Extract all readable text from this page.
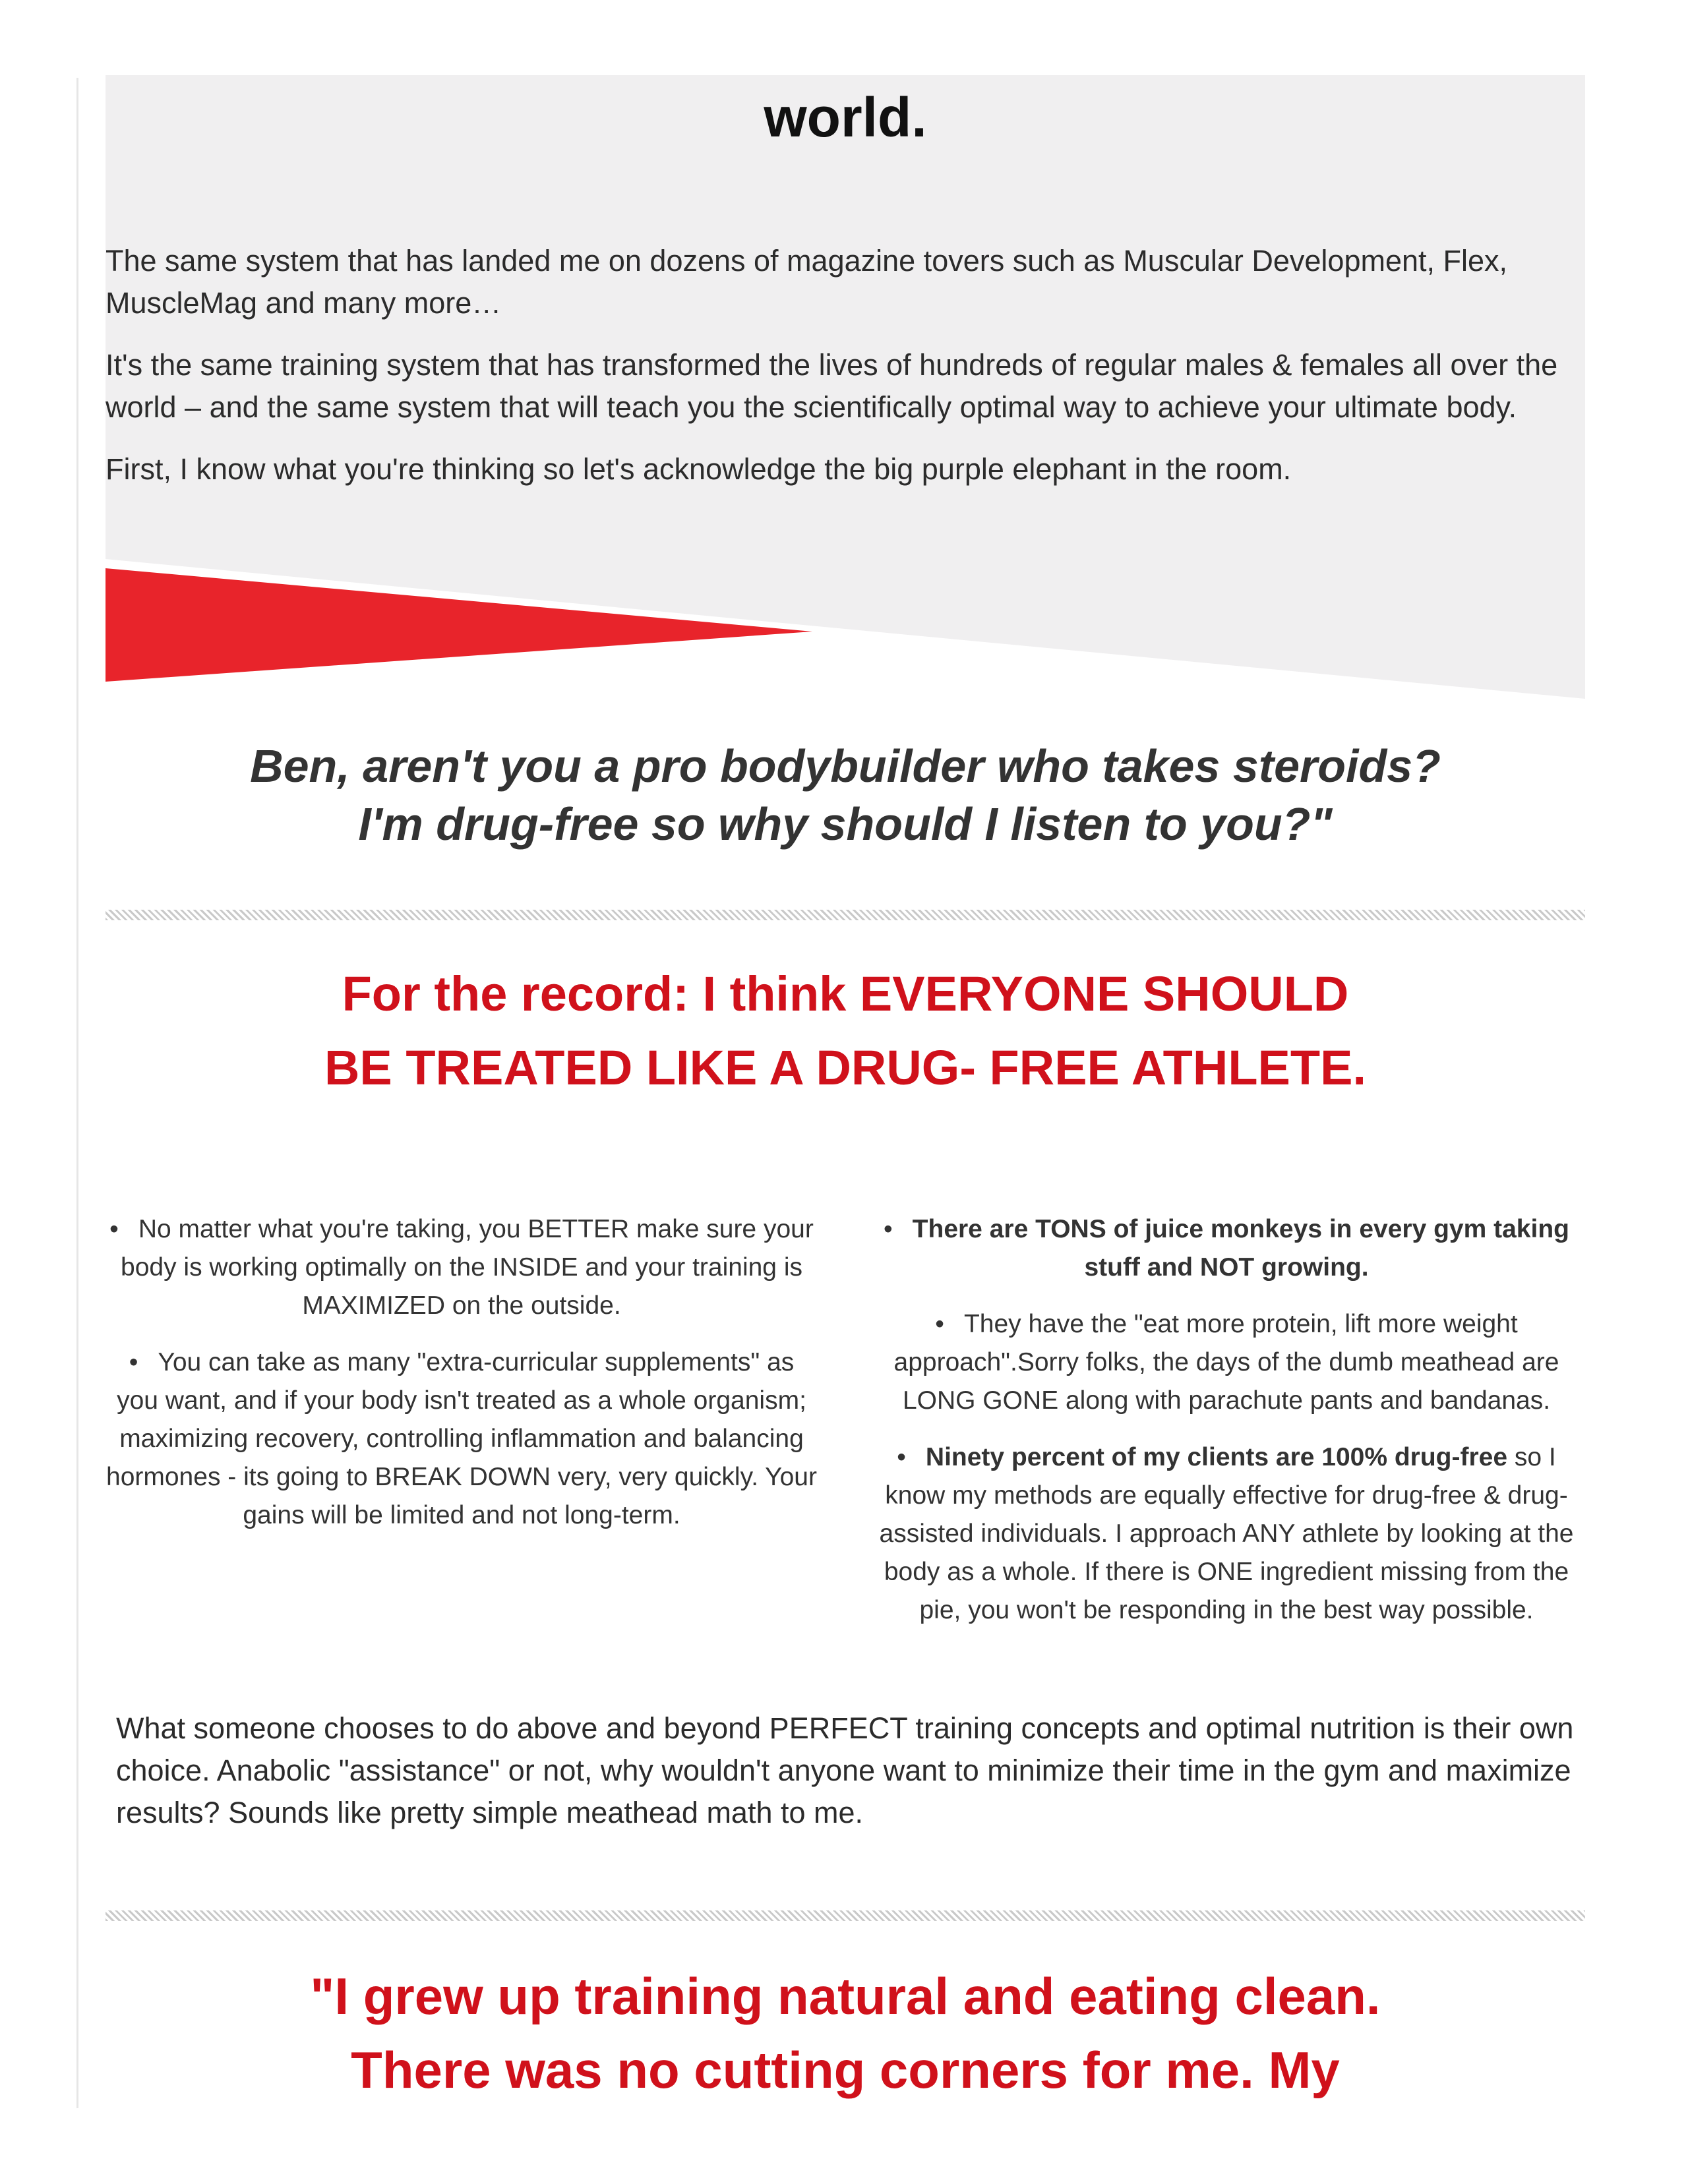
world.

The same system that has landed me on dozens of magazine tovers such as Muscular Development, Flex, MuscleMag and many more…

It's the same training system that has transformed the lives of hundreds of regular males & females all over the world – and the same system that will teach you the scientifically optimal way to achieve your ultimate body.

First, I know what you're thinking so let's acknowledge the big purple elephant in the room.

Ben, aren't you a pro bodybuilder who takes steroids?
I'm drug-free so why should I listen to you?"
For the record: I think EVERYONE SHOULD
BE TREATED LIKE A DRUG- FREE ATHLETE.

• No matter what you're taking, you BETTER make sure your body is working optimally on the INSIDE and your training is MAXIMIZED on the outside.

• You can take as many "extra-curricular supplements" as you want, and if your body isn't treated as a whole organism; maximizing recovery, controlling inflammation and balancing hormones - its going to BREAK DOWN very, very quickly. Your gains will be limited and not long-term.

• There are TONS of juice monkeys in every gym taking stuff and NOT growing.

• They have the "eat more protein, lift more weight approach".Sorry folks, the days of the dumb meathead are LONG GONE along with parachute pants and bandanas.

• Ninety percent of my clients are 100% drug-free so I know my methods are equally effective for drug-free & drug-assisted individuals. I approach ANY athlete by looking at the body as a whole. If there is ONE ingredient missing from the pie, you won't be responding in the best way possible.

What someone chooses to do above and beyond PERFECT training concepts and optimal nutrition is their own choice. Anabolic "assistance" or not, why wouldn't anyone want to minimize their time in the gym and maximize results? Sounds like pretty simple meathead math to me.
"I grew up training natural and eating clean.
There was no cutting corners for me. My
